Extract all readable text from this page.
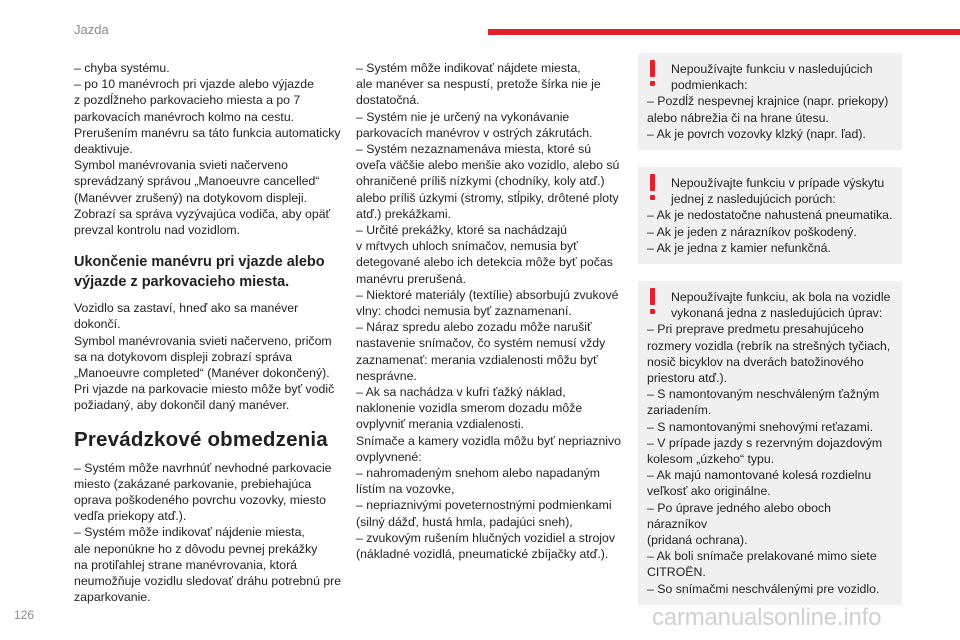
Jazda

– chyba systému.

– po 10 manévroch pri vjazde alebo výjazde

z pozdĺžneho parkovacieho miesta a po 7

parkovacích manévroch kolmo na cestu.

Prerušením manévru sa táto funkcia automaticky

deaktivuje.

Symbol manévrovania svieti načerveno

sprevádzaný správou „Manoeuvre cancelled“

(Manévver zrušený) na dotykovom displeji.

Zobrazí sa správa vyzývajúca vodiča, aby opäť

prevzal kontrolu nad vozidlom.

Ukončenie manévru pri vjazde alebo výjazde z parkovacieho miesta.

Vozidlo sa zastaví, hneď ako sa manéver

dokončí.

Symbol manévrovania svieti načerveno, pričom

sa na dotykovom displeji zobrazí správa

„Manoeuvre completed“ (Manéver dokončený).

Pri vjazde na parkovacie miesto môže byť vodič

požiadaný, aby dokončil daný manéver.

Prevádzkové obmedzenia

– Systém môže navrhnúť nevhodné parkovacie

miesto (zakázané parkovanie, prebiehajúca

oprava poškodeného povrchu vozovky, miesto

vedľa priekopy atď.).

– Systém môže indikovať nájdenie miesta,

ale neponúkne ho z dôvodu pevnej prekážky

na protiľahlej strane manévrovania, ktorá

neumožňuje vozidlu sledovať dráhu potrebnú pre

zaparkovanie.

– Systém môže indikovať nájdete miesta,

ale manéver sa nespustí, pretože šírka nie je

dostatočná.

– Systém nie je určený na vykonávanie

parkovacích manévrov v ostrých zákrutách.

– Systém nezaznamenáva miesta, ktoré sú

oveľa väčšie alebo menšie ako vozidlo, alebo sú

ohraničené príliš nízkymi (chodníky, koly atď.)

alebo príliš úzkymi (stromy, stĺpiky, drôtené ploty

atď.) prekážkami.

– Určité prekážky, ktoré sa nachádzajú

v mŕtvych uhloch snímačov, nemusia byť

detegované alebo ich detekcia môže byť počas

manévru prerušená.

– Niektoré materiály (textílie) absorbujú zvukové

vlny: chodci nemusia byť zaznamenaní.

– Náraz spredu alebo zozadu môže narušiť

nastavenie snímačov, čo systém nemusí vždy

zaznamenať: merania vzdialenosti môžu byť

nesprávne.

– Ak sa nachádza v kufri ťažký náklad,

naklonenie vozidla smerom dozadu môže

ovplyvniť merania vzdialenosti.

Snímače a kamery vozidla môžu byť nepriaznivo

ovplyvnené:

– nahromadeným snehom alebo napadaným

lístím na vozovke,

– nepriaznivými poveternostnými podmienkami

(silný dážď, hustá hmla, padajúci sneh),

– zvukovým rušením hlučných vozidiel a strojov

(nákladné vozidlá, pneumatické zbíjačky atď.).

Nepoužívajte funkciu v nasledujúcich

podmienkach:

– Pozdĺž nespevnej krajnice (napr. priekopy)

alebo nábrežia či na hrane útesu.

– Ak je povrch vozovky klzký (napr. ľad).

Nepoužívajte funkciu v prípade výskytu

jednej z nasledujúcich porúch:

– Ak je nedostatočne nahustená pneumatika.

– Ak je jeden z nárazníkov poškodený.

– Ak je jedna z kamier nefunkčná.

Nepoužívajte funkciu, ak bola na vozidle

vykonaná jedna z nasledujúcich úprav:

– Pri preprave predmetu presahujúceho

rozmery vozidla (rebrík na strešných tyčiach,

nosič bicyklov na dverách batožinového

priestoru atď.).

– S namontovaným neschváleným ťažným

zariadením.

– S namontovanými snehovými reťazami.

– V prípade jazdy s rezervným dojazdovým

kolesom „úzkeho“ typu.

– Ak majú namontované kolesá rozdielnu

veľkosť ako originálne.

– Po úprave jedného alebo oboch nárazníkov

(pridaná ochrana).

– Ak boli snímače prelakované mimo siete

CITROËN.

– So snímačmi neschválenými pre vozidlo.

126	carmanualsonline.info
